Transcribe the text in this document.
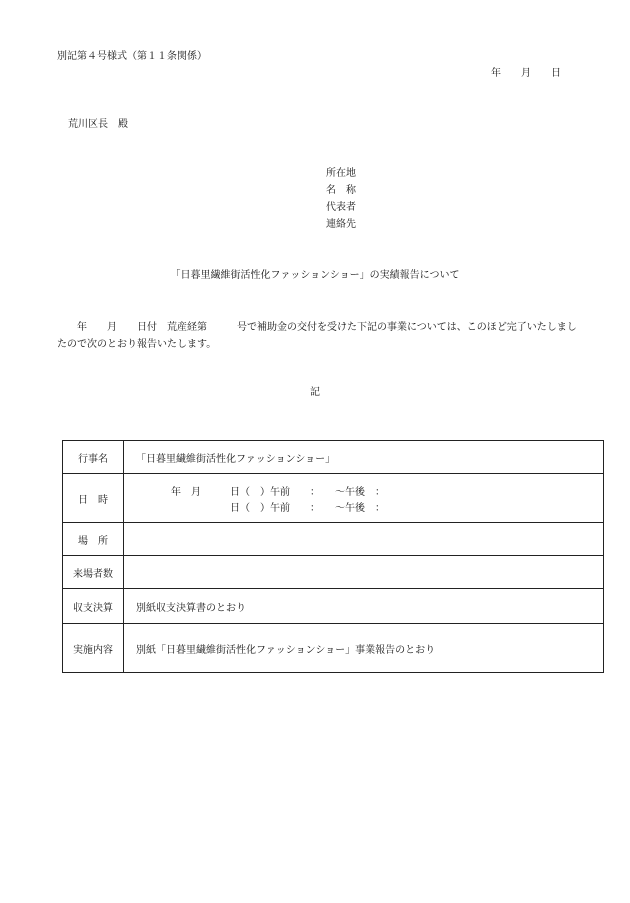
別記第４号様式（第１１条関係）
年　　月　　日
荒川区長　殿
所在地
名　称
代表者
連絡先
「日暮里繊維街活性化ファッションショー」の実績報告について
年　　月　　日付　荒産経第　　　号で補助金の交付を受けた下記の事業については、このほど完了いたしましたので次のとおり報告いたします。
記
行事名	「日暮里繊維街活性化ファッションショー」
日　時	年　月 日（　）午前　　：　　～午後　：
日（　）午前　　：　　～午後　：

場　所	
来場者数	
収支決算	別紙収支決算書のとおり
実施内容	別紙「日暮里繊維街活性化ファッションショー」事業報告のとおり
